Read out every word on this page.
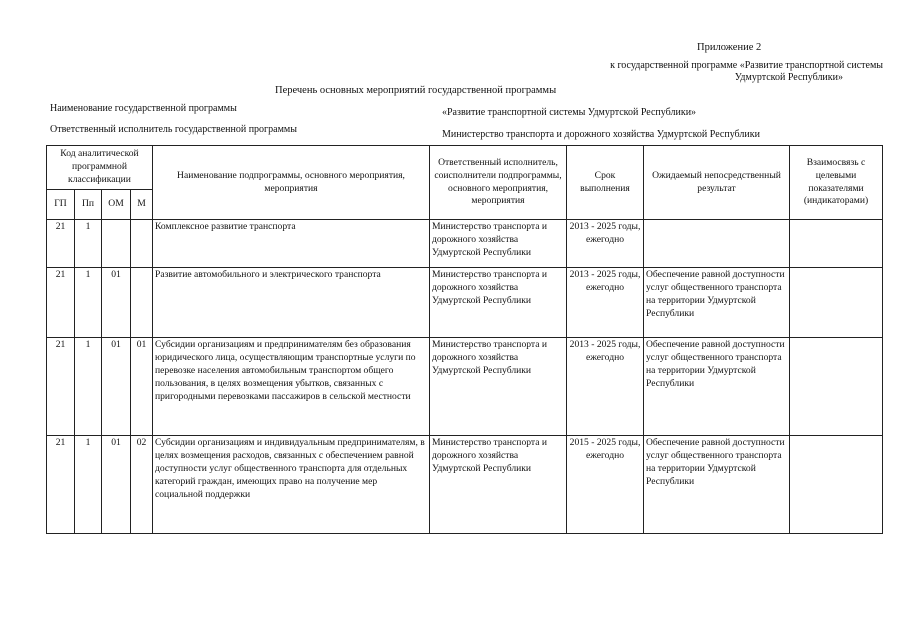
Приложение 2
к государственной программе «Развитие транспортной системы
Удмуртской Республики»
Перечень основных мероприятий государственной программы
Наименование государственной программы	«Развитие транспортной системы Удмуртской Республики»
Ответственный исполнитель государственной программы	Министерство транспорта и дорожного хозяйства Удмуртской Республики
Код аналитической программной классификации				Наименование подпрограммы, основного мероприятия, мероприятия	Ответственный исполнитель, соисполнители подпрограммы, основного мероприятия, мероприятия	Срок выполнения	Ожидаемый непосредственный результат	Взаимосвязь с целевыми показателями (индикаторами)
ГП	Пп	ОМ	М					
21	1			Комплексное развитие транспорта	Министерство транспорта и дорожного хозяйства Удмуртской Республики	2013 - 2025 годы, ежегодно		
21	1	01		Развитие автомобильного и электрического транспорта	Министерство транспорта и дорожного хозяйства Удмуртской Республики	2013 - 2025 годы, ежегодно	Обеспечение равной доступности услуг общественного транспорта на территории Удмуртской Республики	
21	1	01	01	Субсидии организациям и предпринимателям без образования юридического лица, осуществляющим транспортные услуги по перевозке населения автомобильным транспортом общего пользования, в целях возмещения убытков, связанных с пригородными перевозками пассажиров в сельской местности	Министерство транспорта и дорожного хозяйства Удмуртской Республики	2013 - 2025 годы, ежегодно	Обеспечение равной доступности услуг общественного транспорта на территории Удмуртской Республики	
21	1	01	02	Субсидии организациям и индивидуальным предпринимателям, в целях возмещения расходов, связанных с обеспечением равной доступности услуг общественного транспорта для отдельных категорий граждан, имеющих право на получение мер социальной поддержки	Министерство транспорта и дорожного хозяйства Удмуртской Республики	2015 - 2025 годы, ежегодно	Обеспечение равной доступности услуг общественного транспорта на территории Удмуртской Республики	
